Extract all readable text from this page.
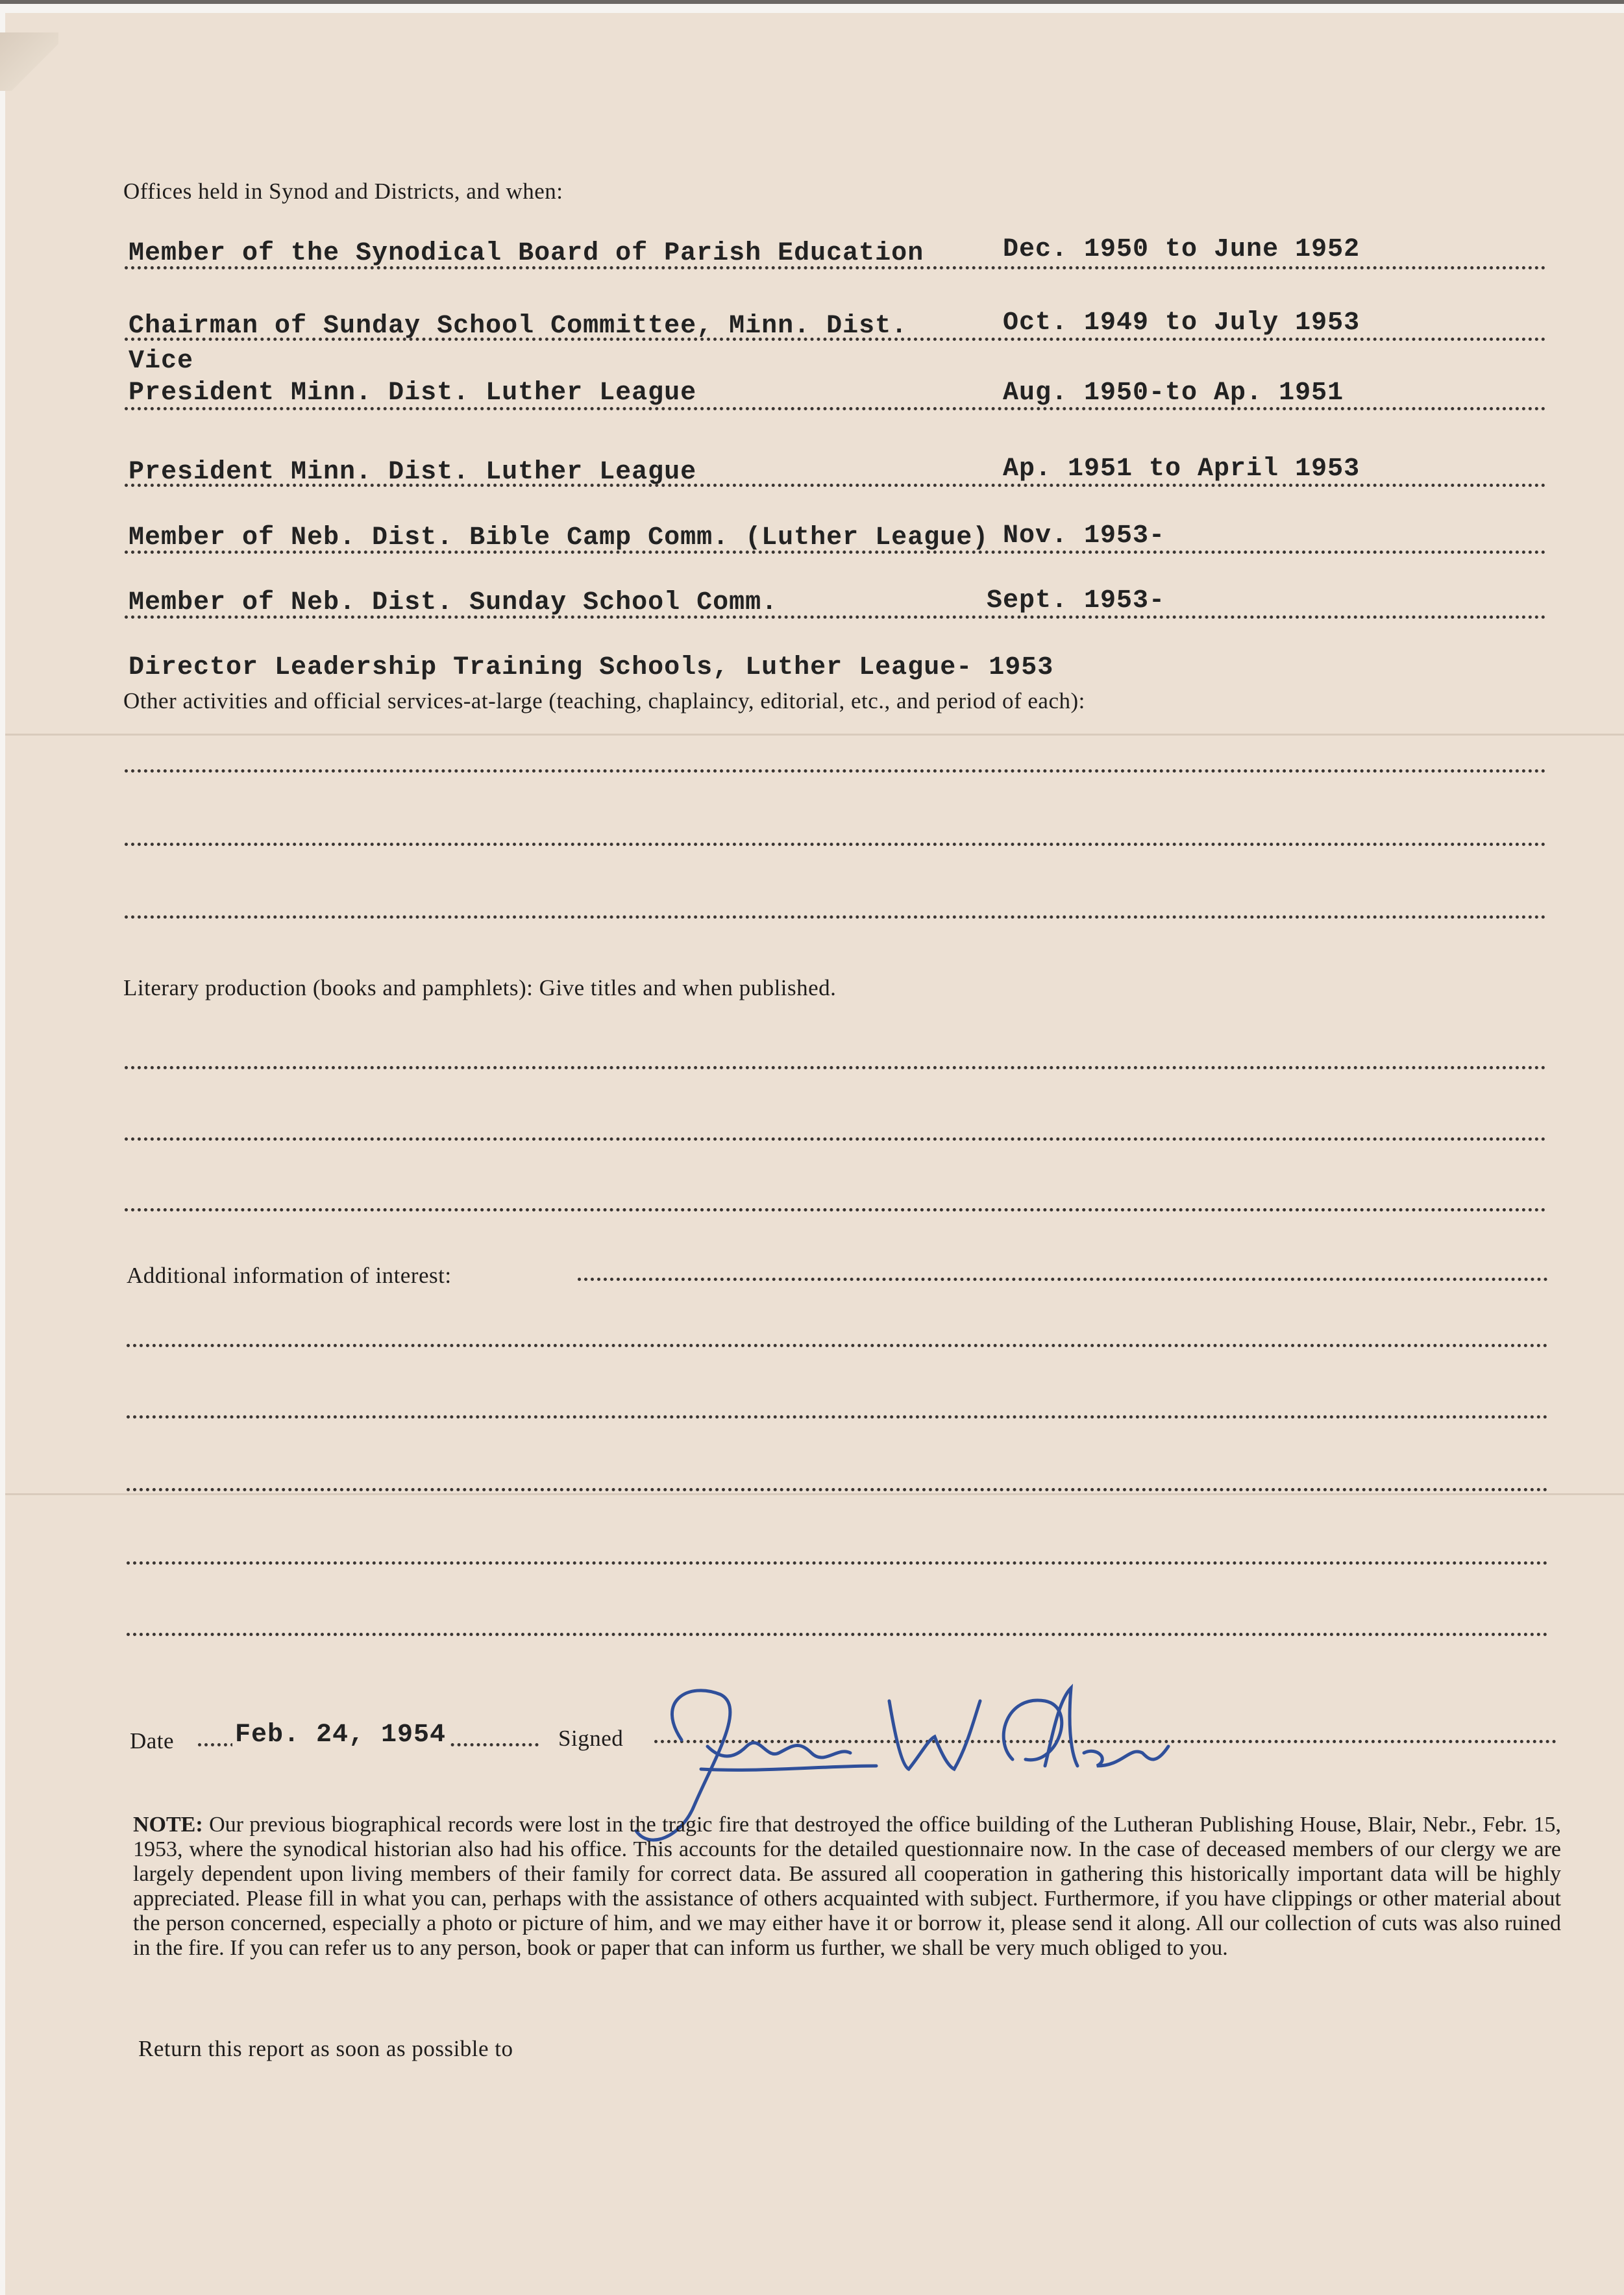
Offices held in Synod and Districts, and when:
Member of the Synodical Board of Parish Education	Dec. 1950 to June 1952
Chairman of Sunday School Committee, Minn. Dist.	Oct. 1949 to July 1953
Vice
President Minn. Dist. Luther League	Aug. 1950-to Ap. 1951
President Minn. Dist. Luther League	Ap. 1951 to April 1953
Member of Neb. Dist. Bible Camp Comm. (Luther League) Nov. 1953-
Member of Neb. Dist. Sunday School Comm.	Sept. 1953-
Director Leadership Training Schools, Luther League- 1953
Other activities and official services-at-large (teaching, chaplaincy, editorial, etc., and period of each):
Literary production (books and pamphlets): Give titles and when published.
Additional information of interest:
Date Feb. 24, 1954	Signed
NOTE: Our previous biographical records were lost in the tragic fire that destroyed the office building of the Lutheran Publishing House, Blair, Nebr., Febr. 15, 1953, where the synodical historian also had his office. This accounts for the detailed questionnaire now. In the case of deceased members of our clergy we are largely dependent upon living members of their family for correct data. Be assured all cooperation in gathering this historically important data will be highly appreciated. Please fill in what you can, perhaps with the assistance of others acquainted with subject. Furthermore, if you have clippings or other material about the person concerned, especially a photo or picture of him, and we may either have it or borrow it, please send it along. All our collection of cuts was also ruined in the fire. If you can refer us to any person, book or paper that can inform us further, we shall be very much obliged to you.
Return this report as soon as possible to
